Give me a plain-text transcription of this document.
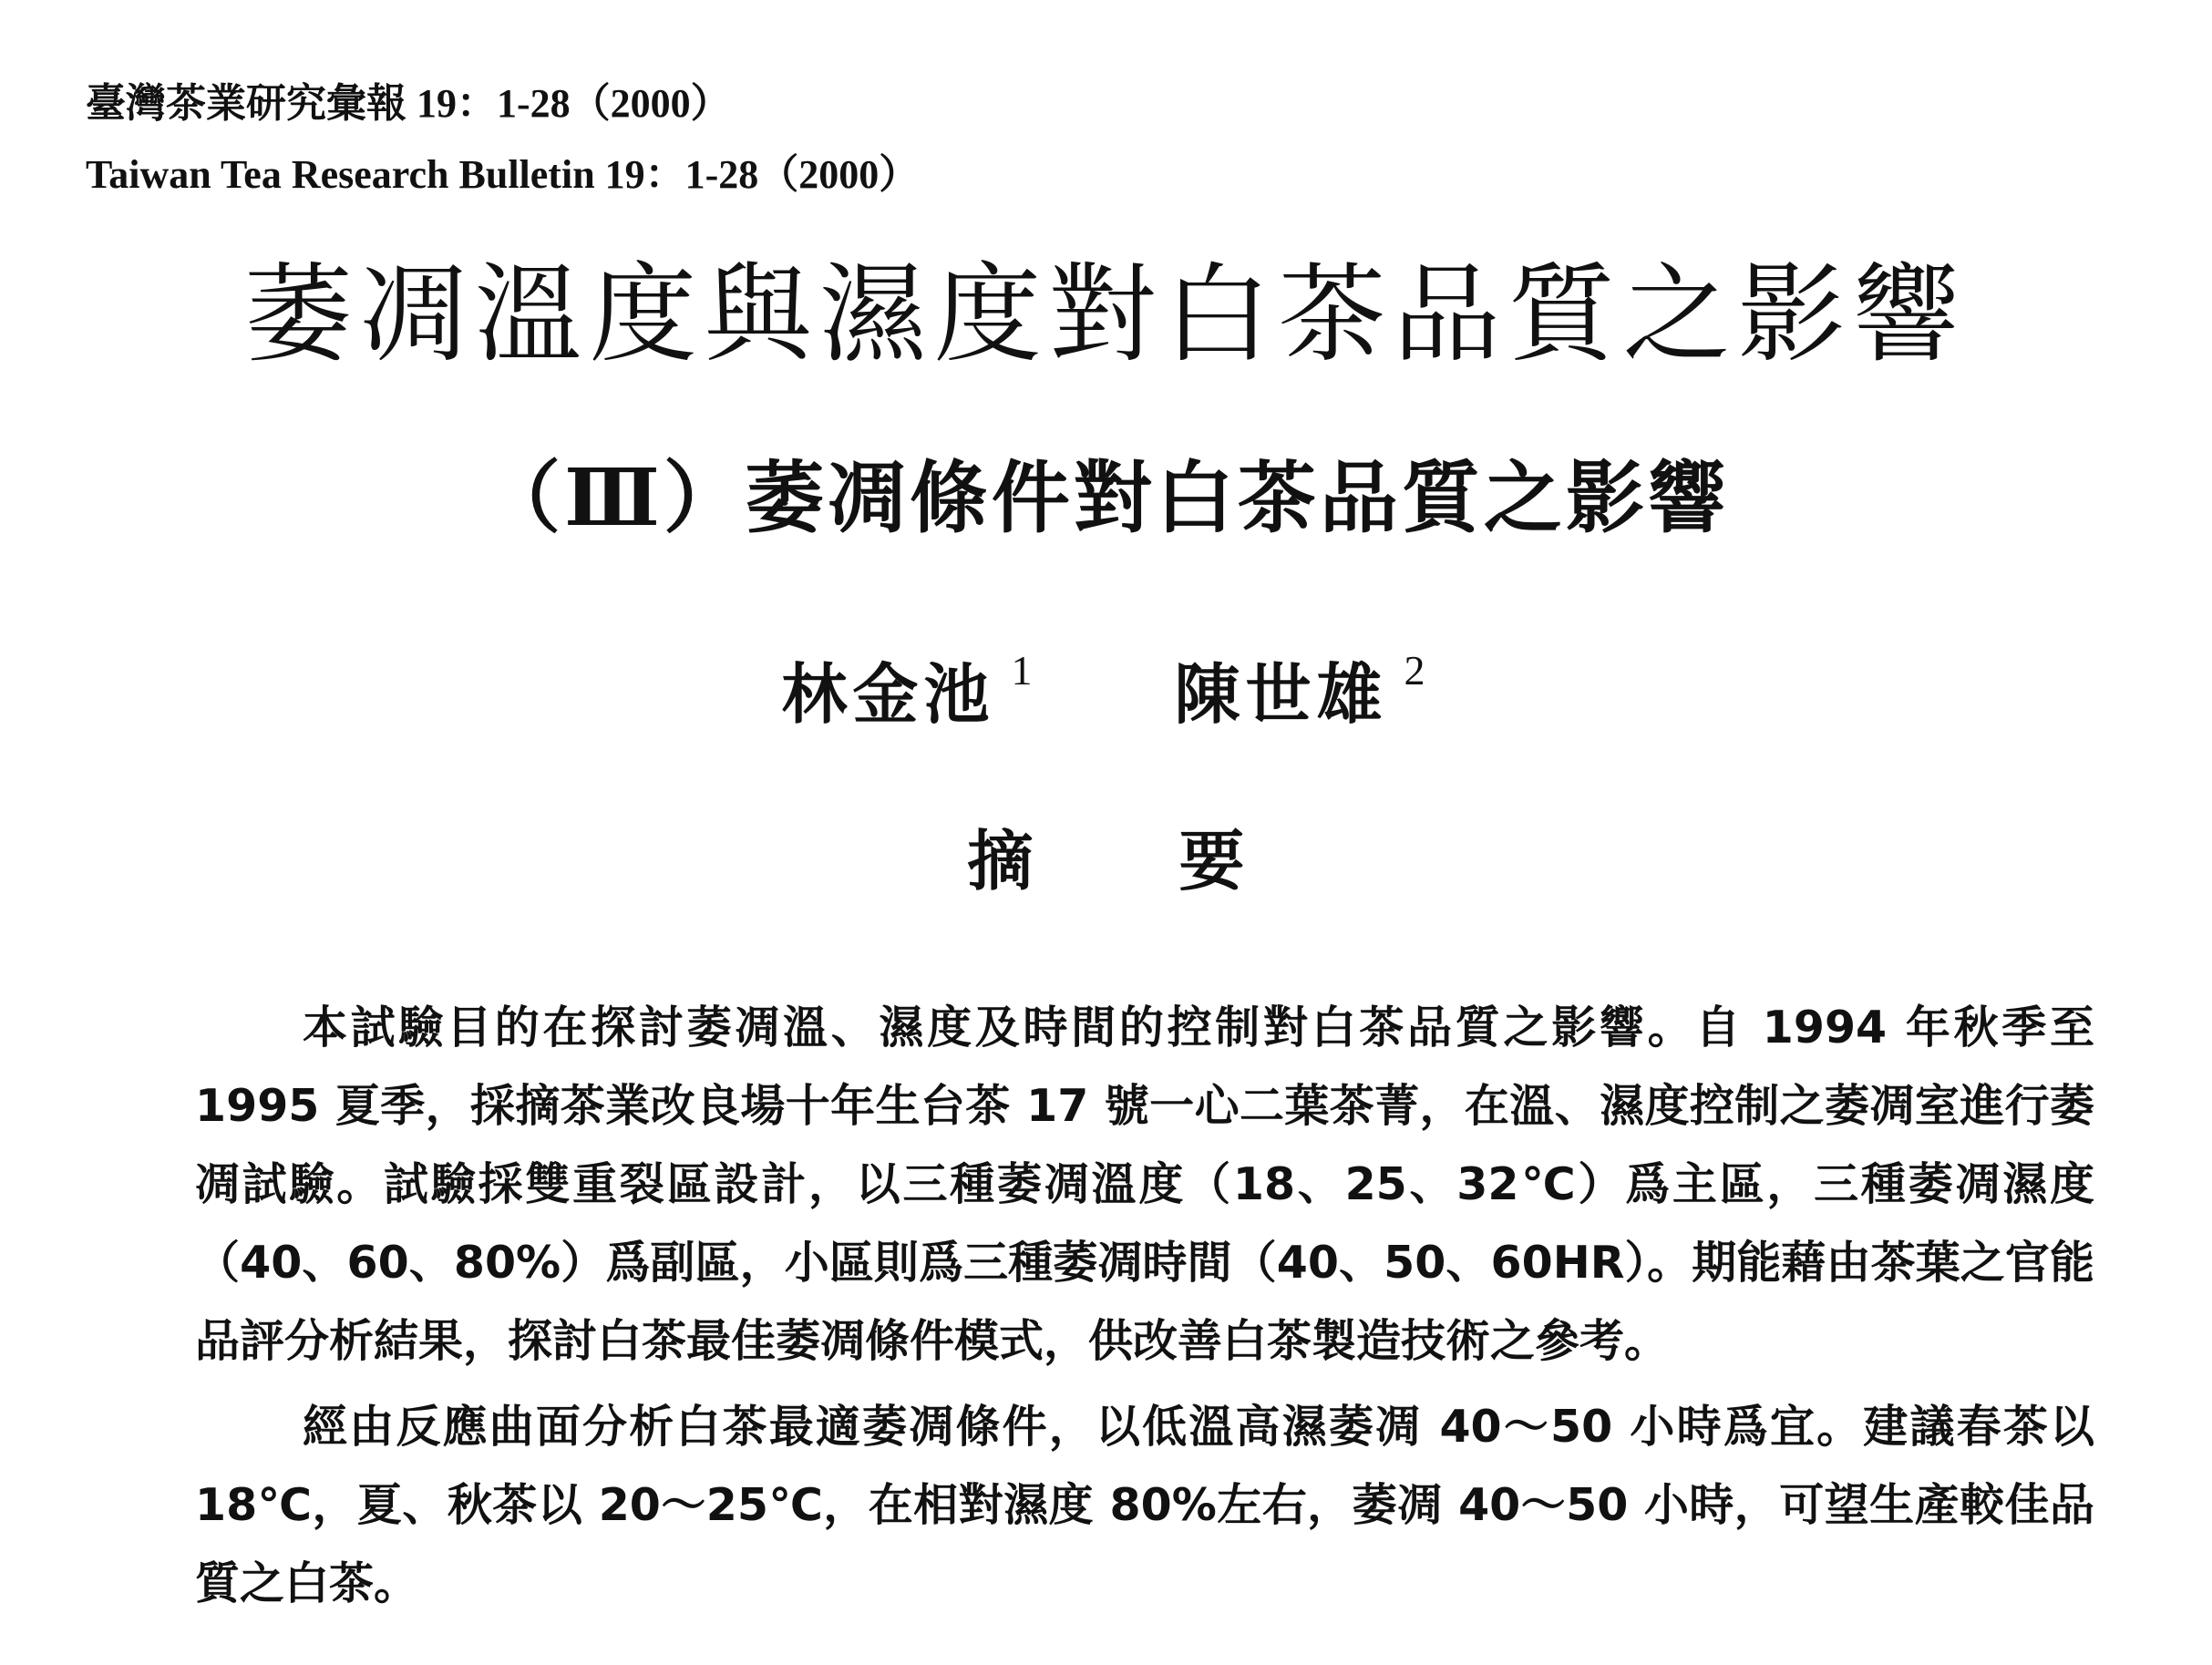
臺灣茶業研究彙報 19：1-28（2000）
Taiwan Tea Research Bulletin 19：1-28（2000）
萎凋溫度與濕度對白茶品質之影響
（Ⅲ）萎凋條件對白茶品質之影響
林金池 $^1$ 陳世雄 $^2$
摘 要

本試驗目的在探討萎凋溫、濕度及時間的控制對白茶品質之影響。自 1994 年秋季至 1995 夏季，採摘茶業改良場十年生台茶 17 號一心二葉茶菁，在溫、濕度控制之萎凋室進行萎凋試驗。試驗採雙重裂區設計，以三種萎凋溫度（18、25、32℃）爲主區，三種萎凋濕度（40、60、80%）爲副區，小區則爲三種萎凋時間（40、50、60HR）。期能藉由茶葉之官能品評分析結果，探討白茶最佳萎凋條件模式，供改善白茶製造技術之參考。

經由反應曲面分析白茶最適萎凋條件，以低溫高濕萎凋 40～50 小時爲宜。建議春茶以 18℃，夏、秋茶以 20～25℃，在相對濕度 80%左右，萎凋 40～50 小時，可望生產較佳品質之白茶。
